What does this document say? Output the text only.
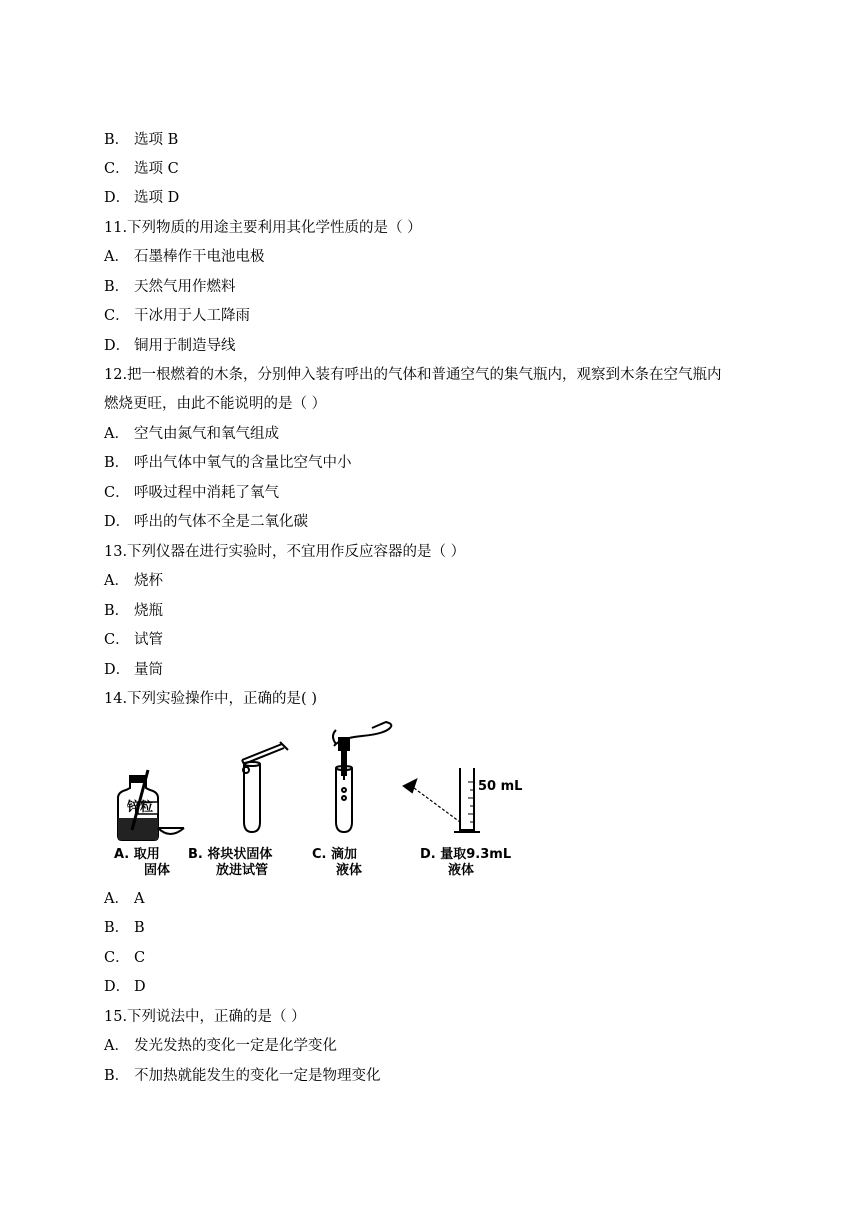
B． 选项 B
C． 选项 C
D． 选项 D
11.下列物质的用途主要利用其化学性质的是（ ）
A． 石墨棒作干电池电极
B． 天然气用作燃料
C． 干冰用于人工降雨
D． 铜用于制造导线
12.把一根燃着的木条，分别伸入装有呼出的气体和普通空气的集气瓶内，观察到木条在空气瓶内
燃烧更旺，由此不能说明的是（ ）
A． 空气由氮气和氧气组成
B． 呼出气体中氧气的含量比空气中小
C． 呼吸过程中消耗了氧气
D． 呼出的气体不全是二氧化碳
13.下列仪器在进行实验时，不宜用作反应容器的是（ ）
A． 烧杯
B． 烧瓶
C． 试管
D． 量筒
14.下列实验操作中，正确的是( )
锌粒
50 mL
A. 取用
固体
B. 将块状固体
放进试管
C. 滴加
液体
D. 量取9.3mL
液体
A． A
B． B
C． C
D． D
15.下列说法中，正确的是（ ）
A． 发光发热的变化一定是化学变化
B． 不加热就能发生的变化一定是物理变化
